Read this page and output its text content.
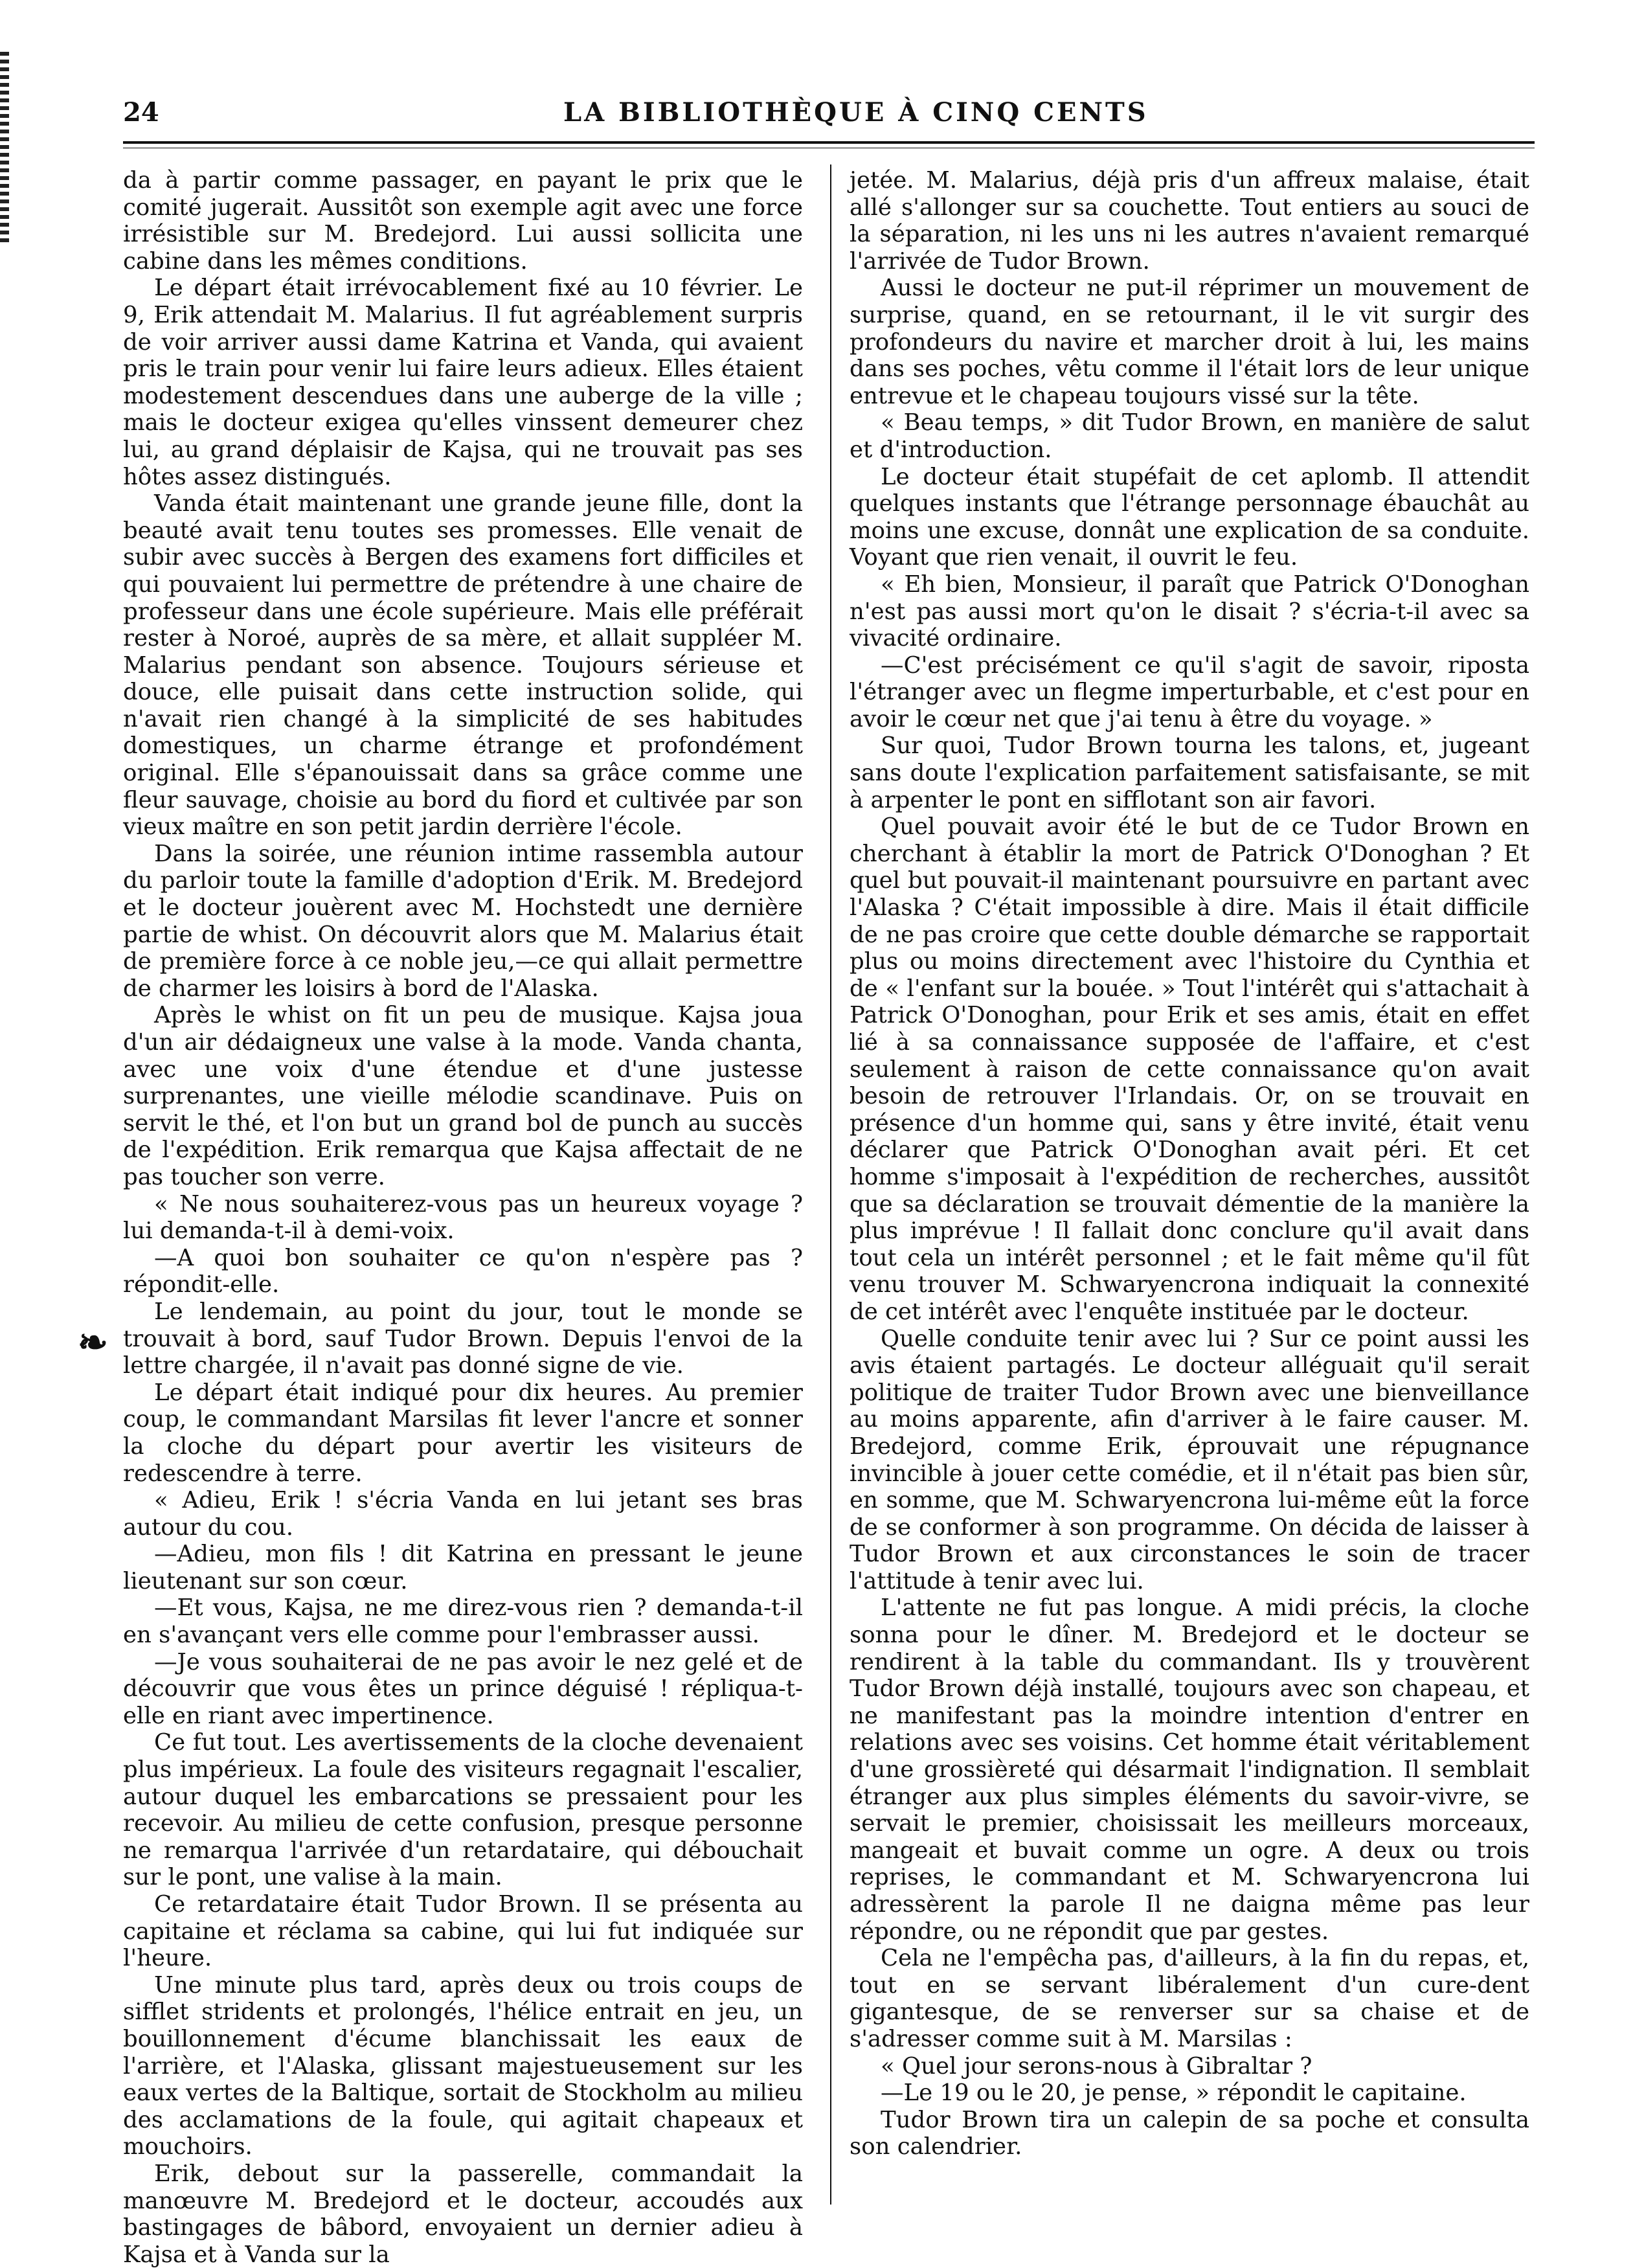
24	LA BIBLIOTHÈQUE À CINQ CENTS

da à partir comme passager, en payant le prix que le comité jugerait. Aussitôt son exemple agit avec une force irrésistible sur M. Bredejord. Lui aussi sollicita une cabine dans les mêmes conditions.

Le départ était irrévocablement fixé au 10 février. Le 9, Erik attendait M. Malarius. Il fut agréablement surpris de voir arriver aussi dame Katrina et Vanda, qui avaient pris le train pour venir lui faire leurs adieux. Elles étaient modestement descendues dans une auberge de la ville ; mais le docteur exigea qu'elles vinssent demeurer chez lui, au grand déplaisir de Kajsa, qui ne trouvait pas ses hôtes assez distingués.

Vanda était maintenant une grande jeune fille, dont la beauté avait tenu toutes ses promesses. Elle venait de subir avec succès à Bergen des examens fort difficiles et qui pouvaient lui permettre de prétendre à une chaire de professeur dans une école supérieure. Mais elle préférait rester à Noroé, auprès de sa mère, et allait suppléer M. Malarius pendant son absence. Toujours sérieuse et douce, elle puisait dans cette instruction solide, qui n'avait rien changé à la simplicité de ses habitudes domestiques, un charme étrange et profondément original. Elle s'épanouissait dans sa grâce comme une fleur sauvage, choisie au bord du fiord et cultivée par son vieux maître en son petit jardin derrière l'école.

Dans la soirée, une réunion intime rassembla autour du parloir toute la famille d'adoption d'Erik. M. Bredejord et le docteur jouèrent avec M. Hochstedt une dernière partie de whist. On découvrit alors que M. Malarius était de première force à ce noble jeu,—ce qui allait permettre de charmer les loisirs à bord de l'Alaska.

Après le whist on fit un peu de musique. Kajsa joua d'un air dédaigneux une valse à la mode. Vanda chanta, avec une voix d'une étendue et d'une justesse surprenantes, une vieille mélodie scandinave. Puis on servit le thé, et l'on but un grand bol de punch au succès de l'expédition. Erik remarqua que Kajsa affectait de ne pas toucher son verre.

« Ne nous souhaiterez-vous pas un heureux voyage ? lui demanda-t-il à demi-voix.

—A quoi bon souhaiter ce qu'on n'espère pas ? répondit-elle.

Le lendemain, au point du jour, tout le monde se trouvait à bord, sauf Tudor Brown. Depuis l'envoi de la lettre chargée, il n'avait pas donné signe de vie.

Le départ était indiqué pour dix heures. Au premier coup, le commandant Marsilas fit lever l'ancre et sonner la cloche du départ pour avertir les visiteurs de redescendre à terre.

« Adieu, Erik ! s'écria Vanda en lui jetant ses bras autour du cou.

—Adieu, mon fils ! dit Katrina en pressant le jeune lieutenant sur son cœur.

—Et vous, Kajsa, ne me direz-vous rien ? demanda-t-il en s'avançant vers elle comme pour l'embrasser aussi.

—Je vous souhaiterai de ne pas avoir le nez gelé et de découvrir que vous êtes un prince déguisé ! répliqua-t-elle en riant avec impertinence.

Ce fut tout. Les avertissements de la cloche devenaient plus impérieux. La foule des visiteurs regagnait l'escalier, autour duquel les embarcations se pressaient pour les recevoir. Au milieu de cette confusion, presque personne ne remarqua l'arrivée d'un retardataire, qui débouchait sur le pont, une valise à la main.

Ce retardataire était Tudor Brown. Il se présenta au capitaine et réclama sa cabine, qui lui fut indiquée sur l'heure.

Une minute plus tard, après deux ou trois coups de sifflet stridents et prolongés, l'hélice entrait en jeu, un bouillonnement d'écume blanchissait les eaux de l'arrière, et l'Alaska, glissant majestueusement sur les eaux vertes de la Baltique, sortait de Stockholm au milieu des acclamations de la foule, qui agitait chapeaux et mouchoirs.

Erik, debout sur la passerelle, commandait la manœuvre M. Bredejord et le docteur, accoudés aux bastingages de bâbord, envoyaient un dernier adieu à Kajsa et à Vanda sur la

jetée. M. Malarius, déjà pris d'un affreux malaise, était allé s'allonger sur sa couchette. Tout entiers au souci de la séparation, ni les uns ni les autres n'avaient remarqué l'arrivée de Tudor Brown.

Aussi le docteur ne put-il réprimer un mouvement de surprise, quand, en se retournant, il le vit surgir des profondeurs du navire et marcher droit à lui, les mains dans ses poches, vêtu comme il l'était lors de leur unique entrevue et le chapeau toujours vissé sur la tête.

« Beau temps, » dit Tudor Brown, en manière de salut et d'introduction.

Le docteur était stupéfait de cet aplomb. Il attendit quelques instants que l'étrange personnage ébauchât au moins une excuse, donnât une explication de sa conduite. Voyant que rien venait, il ouvrit le feu.

« Eh bien, Monsieur, il paraît que Patrick O'Donoghan n'est pas aussi mort qu'on le disait ? s'écria-t-il avec sa vivacité ordinaire.

—C'est précisément ce qu'il s'agit de savoir, riposta l'étranger avec un flegme imperturbable, et c'est pour en avoir le cœur net que j'ai tenu à être du voyage. »

Sur quoi, Tudor Brown tourna les talons, et, jugeant sans doute l'explication parfaitement satisfaisante, se mit à arpenter le pont en sifflotant son air favori.

Quel pouvait avoir été le but de ce Tudor Brown en cherchant à établir la mort de Patrick O'Donoghan ? Et quel but pouvait-il maintenant poursuivre en partant avec l'Alaska ? C'était impossible à dire. Mais il était difficile de ne pas croire que cette double démarche se rapportait plus ou moins directement avec l'histoire du Cynthia et de « l'enfant sur la bouée. » Tout l'intérêt qui s'attachait à Patrick O'Donoghan, pour Erik et ses amis, était en effet lié à sa connaissance supposée de l'affaire, et c'est seulement à raison de cette connaissance qu'on avait besoin de retrouver l'Irlandais. Or, on se trouvait en présence d'un homme qui, sans y être invité, était venu déclarer que Patrick O'Donoghan avait péri. Et cet homme s'imposait à l'expédition de recherches, aussitôt que sa déclaration se trouvait démentie de la manière la plus imprévue ! Il fallait donc conclure qu'il avait dans tout cela un intérêt personnel ; et le fait même qu'il fût venu trouver M. Schwaryencrona indiquait la connexité de cet intérêt avec l'enquête instituée par le docteur.

Quelle conduite tenir avec lui ? Sur ce point aussi les avis étaient partagés. Le docteur alléguait qu'il serait politique de traiter Tudor Brown avec une bienveillance au moins apparente, afin d'arriver à le faire causer. M. Bredejord, comme Erik, éprouvait une répugnance invincible à jouer cette comédie, et il n'était pas bien sûr, en somme, que M. Schwaryencrona lui-même eût la force de se conformer à son programme. On décida de laisser à Tudor Brown et aux circonstances le soin de tracer l'attitude à tenir avec lui.

L'attente ne fut pas longue. A midi précis, la cloche sonna pour le dîner. M. Bredejord et le docteur se rendirent à la table du commandant. Ils y trouvèrent Tudor Brown déjà installé, toujours avec son chapeau, et ne manifestant pas la moindre intention d'entrer en relations avec ses voisins. Cet homme était véritablement d'une grossièreté qui désarmait l'indignation. Il semblait étranger aux plus simples éléments du savoir-vivre, se servait le premier, choisissait les meilleurs morceaux, mangeait et buvait comme un ogre. A deux ou trois reprises, le commandant et M. Schwaryencrona lui adressèrent la parole Il ne daigna même pas leur répondre, ou ne répondit que par gestes.

Cela ne l'empêcha pas, d'ailleurs, à la fin du repas, et, tout en se servant libéralement d'un cure-dent gigantesque, de se renverser sur sa chaise et de s'adresser comme suit à M. Marsilas :

« Quel jour serons-nous à Gibraltar ?

—Le 19 ou le 20, je pense, » répondit le capitaine.

Tudor Brown tira un calepin de sa poche et consulta son calendrier.

❧
